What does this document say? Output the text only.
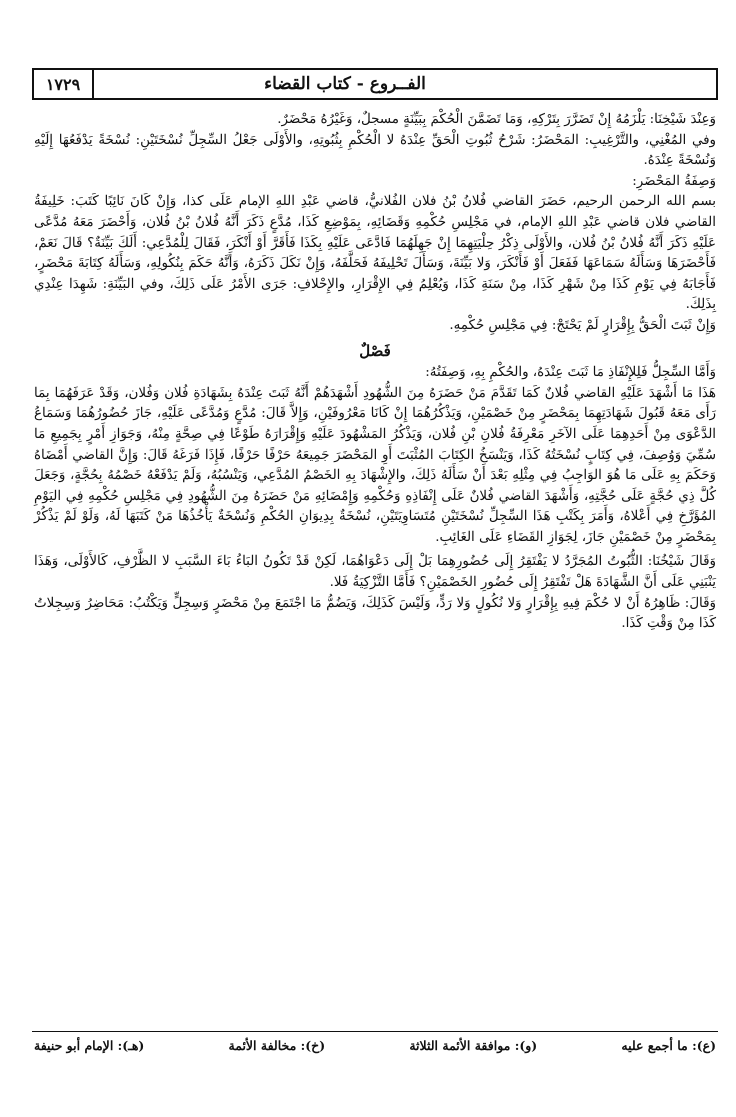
الفــروع - كتاب القضاء
١٧٢٩

وَعِنْدَ شَيْخِنَا: يَلْزَمُهُ إِنْ تَضَرَّرَ بِتَرْكِهِ، وَمَا تَضَمَّنَ الْحُكْمَ بِبَيِّنَةٍ مسجلٌ، وَغَيْرُهُ مَحْضَرٌ.

وفي المُغْنِي، والتَّرْغِيبِ: المَحْضَرُ: شَرْحُ ثُبُوتِ الْحَقِّ عِنْدَهُ لا الْحُكْمِ بِثُبُوتِهِ، والأَوْلَى جَعْلُ السِّجِلِّ نُسْخَتَيْنِ: نُسْخَةً يَدْفَعُهَا إِلَيْهِ وَنُسْخَةً عِنْدَهُ.

وَصِفَةُ المَحْضَرِ:

بسم الله الرحمن الرحيم، حَضَرَ القاضي فُلانُ بْنُ فلان الفُلانيُّ، قاضي عَبْدِ اللهِ الإمام عَلَى كذا، وَإِنْ كَانَ نَائِبًا كَتَبَ: خَلِيفَةُ القاضي فلان قاضي عَبْدِ اللهِ الإمام، في مَجْلِسِ حُكْمِهِ وَقَضَائِهِ، بِمَوْضِعِ كَذَا، مُدَّعٍ ذَكَرَ أَنَّهُ فُلانُ بْنُ فُلان، وَأَحْضَرَ مَعَهُ مُدَّعًى عَلَيْهِ ذَكَرَ أَنَّهُ فُلانُ بْنُ فُلان، والأَوْلَى ذِكْرُ حِلْيَتِهِمَا إِنْ جَهِلَهُمَا فَادَّعَى عَلَيْهِ بِكَذَا فَأَقَرَّ أَوْ أَنْكَرَ، فَقَالَ لِلْمُدَّعِي: أَلَكَ بَيِّنَةٌ؟ قَالَ نَعَمْ، فَأَحْضَرَهَا وَسَأَلَهُ سَمَاعَهَا فَفَعَلَ أَوْ فَأَنْكَرَ، وَلا بَيِّنَةَ، وَسَأَلَ تَحْلِيفَهُ فَحَلَّفَهُ، وَإِنْ نَكَلَ ذَكَرَهُ، وَأَنَّهُ حَكَمَ بِنُكُولِهِ، وَسَأَلَهُ كِتَابَةَ مَحْضَرٍ، فَأَجَابَهُ فِي يَوْمِ كَذَا مِنْ شَهْرِ كَذَا، مِنْ سَنَةِ كَذَا، وَيُعْلِمُ فِي الإِقْرَارِ، والإِحْلافِ: جَرَى الأَمْرُ عَلَى ذَلِكَ، وفي البَيِّنَةِ: شَهِدَا عِنْدِي بِذَلِكَ.

وَإِنْ ثَبَتَ الْحَقُّ بِإِقْرَارٍ لَمْ يَحْتَجْ: فِي مَجْلِسِ حُكْمِهِ.

فَصْلٌ

وَأَمَّا السِّجِلُّ فَلِلإِنْفَاذِ مَا ثَبَتَ عِنْدَهُ، والحُكْمِ بِهِ، وَصِفَتُهُ:

هَذَا مَا أَشْهَدَ عَلَيْهِ القاضي فُلانٌ كَمَا تَقَدَّمَ مَنْ حَضَرَهُ مِنَ الشُّهُودِ أَشْهَدَهُمْ أَنَّهُ ثَبَتَ عِنْدَهُ بِشَهَادَةِ فُلان وَفُلان، وَقَدْ عَرَفَهُمَا بِمَا رَأَى مَعَهُ قَبُولَ شَهَادَتِهِمَا بِمَحْضَرٍ مِنْ خَصْمَيْنِ، وَيَذْكُرُهُمَا إِنْ كَانَا مَعْرُوفَيْنِ، وَإِلاَّ قَالَ: مُدَّعٍ وَمُدَّعًى عَلَيْهِ، جَازَ حُضُورُهُمَا وَسَمَاعُ الدَّعْوَى مِنْ أَحَدِهِمَا عَلَى الآخَرِ مَعْرِفَةُ فُلانِ بْنِ فُلان، وَيَذْكُرُ المَشْهُودَ عَلَيْهِ وَإِقْرَارَهُ طَوْعًا فِي صِحَّةٍ مِنْهُ، وَجَوَازِ أَمْرٍ بِجَمِيعِ مَا سُمِّيَ وَوُصِفَ، فِي كِتَابٍ نُسْخَتُهُ كَذَا، وَيَنْسَخُ الكِتَابَ المُثْبَتَ أَوِ المَحْضَرَ جَمِيعَهُ حَرْفًا حَرْفًا، فَإِذَا فَرَغَهُ قَالَ: وَإِنَّ القاضي أَمْضَاهُ وَحَكَمَ بِهِ عَلَى مَا هُوَ الوَاجِبُ فِي مِثْلِهِ بَعْدَ أَنْ سَأَلَهُ ذَلِكَ، والإِشْهَادَ بِهِ الخَصْمُ المُدَّعِي، وَيَنْسُبُهُ، وَلَمْ يَدْفَعْهُ خَصْمُهُ بِحُجَّةٍ، وَجَعَلَ كُلَّ ذِي حُجَّةٍ عَلَى حُجَّتِهِ، وَأَشْهَدَ القاضي فُلانٌ عَلَى إِنْفَاذِهِ وَحُكْمِهِ وَإِمْضَائِهِ مَنْ حَضَرَهُ مِنَ الشُّهُودِ فِي مَجْلِسِ حُكْمِهِ فِي اليَوْمِ المُؤَرَّخِ فِي أَعْلاهُ، وَأَمَرَ بِكَتْبِ هَذَا السِّجِلِّ نُسْخَتَيْنِ مُتَسَاوِيَتَيْنِ، نُسْخَةٌ بِدِيوَانِ الحُكْمِ وَنُسْخَةٌ يَأْخُذُهَا مَنْ كَتَبَهَا لَهُ، وَلَوْ لَمْ يَذْكُرْ بِمَحْضَرٍ مِنْ خَصْمَيْنِ جَازَ، لِجَوَازِ القَضَاءِ عَلَى الغَائِبِ.

وَقَالَ شَيْخُنَا: الثُّبُوتُ المُجَرَّدُ لا يَفْتَقِرُ إِلَى حُضُورِهِمَا بَلْ إِلَى دَعْوَاهُمَا، لَكِنْ قَدْ تَكُونُ البَاءُ بَاءَ السَّبَبِ لا الظَّرْفِ، كَالأَوْلَى، وَهَذَا يَنْبَنِي عَلَى أَنَّ الشَّهَادَةَ هَلْ تَفْتَقِرُ إِلَى حُضُورِ الخَصْمَيْنِ؟ فَأَمَّا التَّزْكِيَةُ فَلا.

وَقَالَ: ظَاهِرُهُ أَنْ لا حُكْمَ فِيهِ بِإِقْرَارٍ وَلا نُكُولٍ وَلا رَدٍّ، وَلَيْسَ كَذَلِكَ، وَيَضُمُّ مَا اجْتَمَعَ مِنْ مَحْضَرٍ وَسِجِلٍّ وَيَكْتُبُ: مَحَاضِرُ وَسِجِلاتُ كَذَا مِنْ وَقْتِ كَذَا.

(ع): ما أجمع عليه
(و): موافقة الأئمة الثلاثة
(خ): مخالفة الأئمة
(هـ): الإمام أبو حنيفة
